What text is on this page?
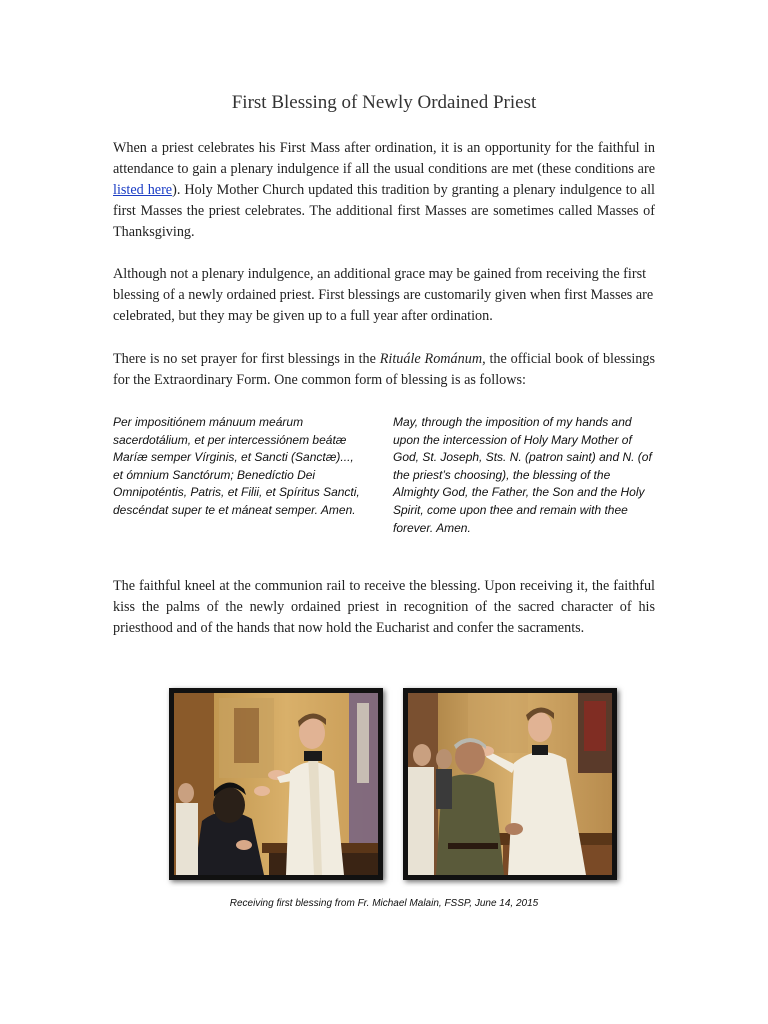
First Blessing of Newly Ordained Priest

When a priest celebrates his First Mass after ordination, it is an opportunity for the faithful in attendance to gain a plenary indulgence if all the usual conditions are met (these conditions are listed here). Holy Mother Church updated this tradition by granting a plenary indulgence to all first Masses the priest celebrates. The additional first Masses are sometimes called Masses of Thanksgiving.

Although not a plenary indulgence, an additional grace may be gained from receiving the first blessing of a newly ordained priest. First blessings are customarily given when first Masses are celebrated, but they may be given up to a full year after ordination.

There is no set prayer for first blessings in the Rituále Románum, the official book of blessings for the Extraordinary Form. One common form of blessing is as follows:

Per impositiónem mánuum meárum sacerdotálium, et per intercessiónem beátæ Maríæ semper Vírginis, et Sancti (Sanctæ)..., et ómnium Sanctórum; Benedíctio Dei Omnipoténtis, Patris, et Filii, et Spíritus Sancti, descéndat super te et máneat semper. Amen.

May, through the imposition of my hands and upon the intercession of Holy Mary Mother of God, St. Joseph, Sts. N. (patron saint) and N. (of the priest’s choosing), the blessing of the Almighty God, the Father, the Son and the Holy Spirit, come upon thee and remain with thee forever. Amen.

The faithful kneel at the communion rail to receive the blessing. Upon receiving it, the faithful kiss the palms of the newly ordained priest in recognition of the sacred character of his priesthood and of the hands that now hold the Eucharist and confer the sacraments.

Receiving first blessing from Fr. Michael Malain, FSSP, June 14, 2015
